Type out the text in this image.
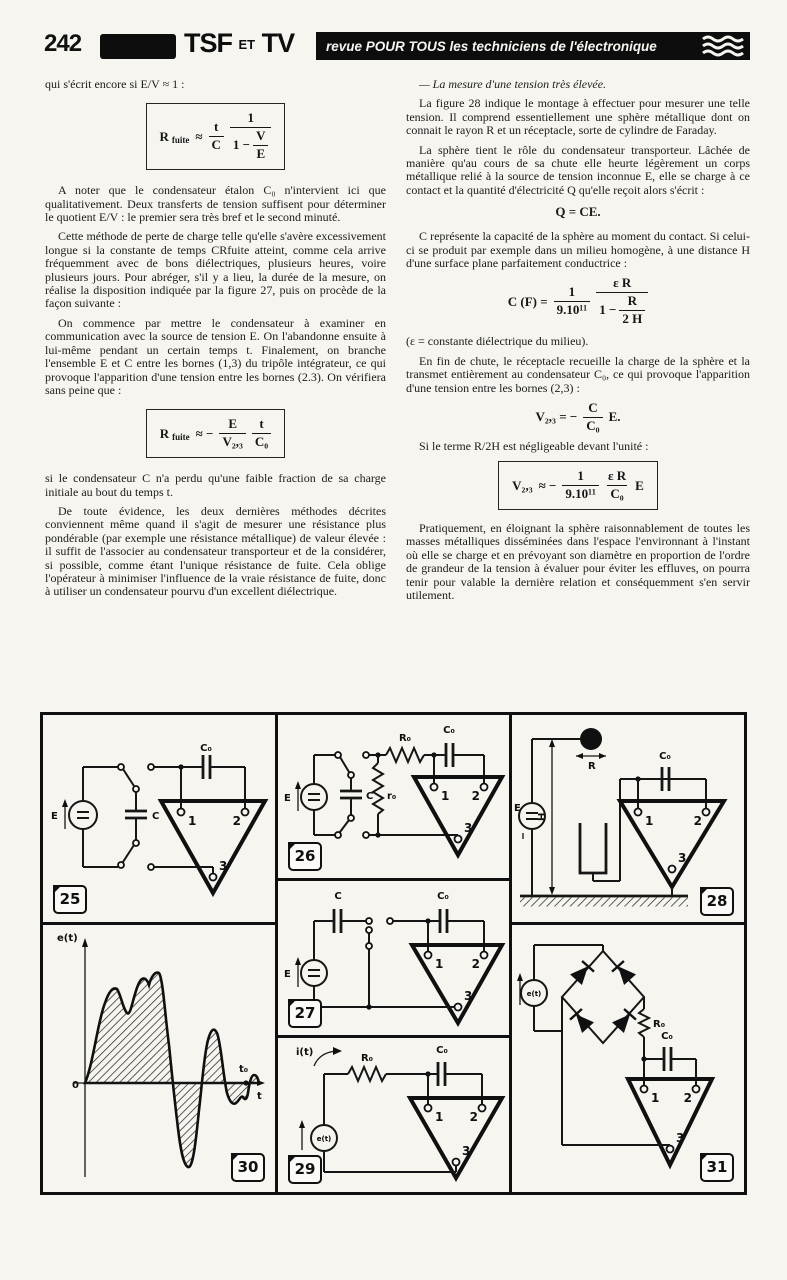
242	TSF ET TV	revue POUR TOUS les techniciens de l'électronique

qui s'écrit encore si E/V ≈ 1 :

R fuite ≈ $\frac{t}{C} \frac{1}{1 - \frac{V}{E}}$

A noter que le condensateur étalon C₀ n'intervient ici que qualitativement. Deux transferts de tension suffisent pour déterminer le quotient E/V : le premier sera très bref et le second minuté.

Cette méthode de perte de charge telle qu'elle s'avère excessivement longue si la constante de temps CRfuite atteint, comme cela arrive fréquemment avec de bons diélectriques, plusieurs heures, voire plusieurs jours. Pour abréger, s'il y a lieu, la durée de la mesure, on réalise la disposition indiquée par la figure 27, puis on procède de la façon suivante :

On commence par mettre le condensateur à examiner en communication avec la source de tension E. On l'abandonne ensuite à lui-même pendant un certain temps t. Finalement, on branche l'ensemble E et C entre les bornes (1,3) du tripôle intégrateur, ce qui provoque l'apparition d'une tension entre les bornes (2.3). On vérifiera sans peine que :

R fuite ≈ − $\frac{E}{\text{V₂,₃}} \frac{t}{\text{C₀}}$

si le condensateur C n'a perdu qu'une faible fraction de sa charge initiale au bout du temps t.

De toute évidence, les deux dernières méthodes décrites conviennent même quand il s'agit de mesurer une résistance plus pondérable (par exemple une résistance métallique) de valeur élevée : il suffit de l'associer au condensateur transporteur et de la considérer, si possible, comme étant l'unique résistance de fuite. Cela oblige l'opérateur à minimiser l'influence de la vraie résistance de fuite, donc à utiliser un condensateur pourvu d'un excellent diélectrique.

— La mesure d'une tension très élevée.

La figure 28 indique le montage à effectuer pour mesurer une telle tension. Il comprend essentiellement une sphère métallique dont on connait le rayon R et un réceptacle, sorte de cylindre de Faraday.

La sphère tient le rôle du condensateur transporteur. Lâchée de manière qu'au cours de sa chute elle heurte légèrement un corps métallique relié à la source de tension inconnue E, elle se charge à ce contact et la quantité d'électricité Q qu'elle reçoit alors s'écrit :

Q = CE.

C représente la capacité de la sphère au moment du contact. Si celui-ci se produit par exemple dans un milieu homogène, à une distance H d'une surface plane parfaitement conductrice :

C $(F) = \frac{1}{\text{9.10¹¹}} \frac{\text{ε R}}{1 - \frac{R}{2 H}}$

(ε = constante diélectrique du milieu).

En fin de chute, le réceptacle recueille la charge de la sphère et la transmet entièrement au condensateur C₀, ce qui provoque l'apparition d'une tension entre les bornes (2,3) :

V₂,₃ = − $\frac{C}{\text{C₀}} E$.

Si le terme R/2H est négligeable devant l'unité :

V₂,₃ ≈ − $\frac{1}{\text{9.10¹¹}} \frac{\text{ε R}}{\text{C₀}}$ E

Pratiquement, en éloignant la sphère raisonnablement de toutes les masses métalliques disséminées dans l'espace l'environnant à l'instant où elle se charge et en prévoyant son diamètre en proportion de l'ordre de grandeur de la tension à évaluer pour éviter les effluves, on pourra tenir pour valable la dernière relation et conséquemment s'en servir utilement.

E	C
C₀
1	2
3
25
e(t)
0
t
t₀
30
E	C r₀
R₀
C₀
1 2
3
26
E
C	C₀
1 2
3
27
i(t)
e(t)
R₀
C₀
1 2
3
29
R
E
H
C₀
1	2
3
28
e(t)
R₀
C₀
1 2
3
31
